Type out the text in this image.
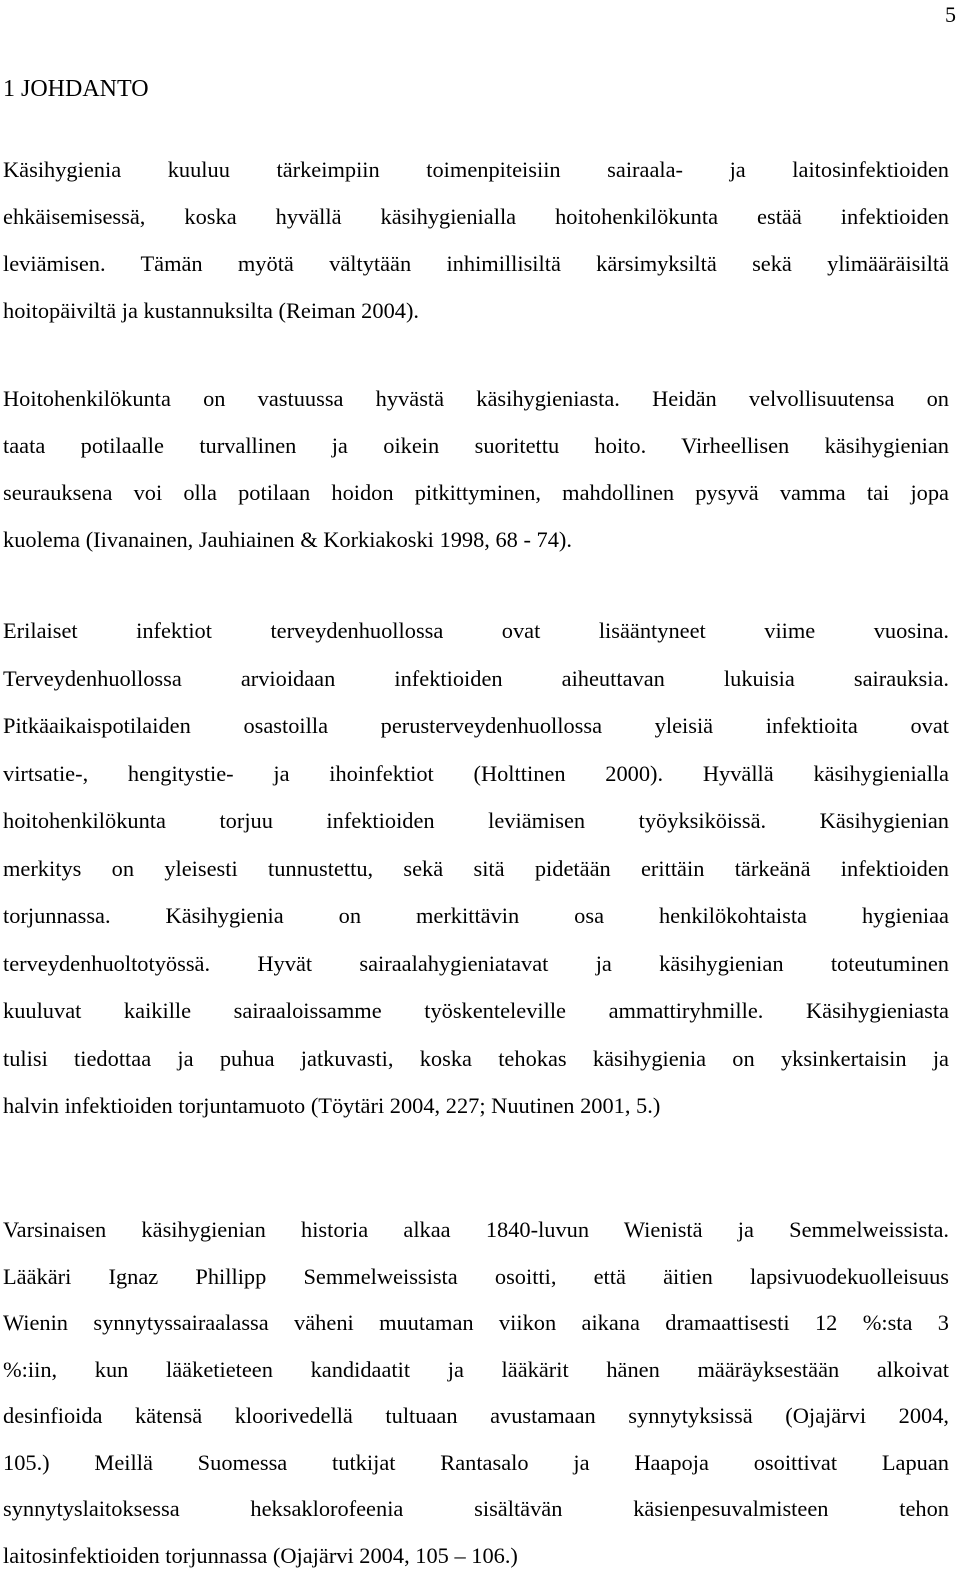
5
1 JOHDANTO

Käsihygienia kuuluu tärkeimpiin toimenpiteisiin sairaala- ja laitosinfektioiden
ehkäisemisessä, koska hyvällä käsihygienialla hoitohenkilökunta estää infektioiden
leviämisen. Tämän myötä vältytään inhimillisiltä kärsimyksiltä sekä ylimääräisiltä
hoitopäiviltä ja kustannuksilta (Reiman 2004).

Hoitohenkilökunta on vastuussa hyvästä käsihygieniasta. Heidän velvollisuutensa on
taata potilaalle turvallinen ja oikein suoritettu hoito. Virheellisen käsihygienian
seurauksena voi olla potilaan hoidon pitkittyminen, mahdollinen pysyvä vamma tai jopa
kuolema (Iivanainen, Jauhiainen & Korkiakoski 1998, 68 - 74).

Erilaiset infektiot terveydenhuollossa ovat lisääntyneet viime vuosina.
Terveydenhuollossa arvioidaan infektioiden aiheuttavan lukuisia sairauksia.
Pitkäaikaispotilaiden osastoilla perusterveydenhuollossa yleisiä infektioita ovat
virtsatie-, hengitystie- ja ihoinfektiot (Holttinen 2000). Hyvällä käsihygienialla
hoitohenkilökunta torjuu infektioiden leviämisen työyksiköissä. Käsihygienian
merkitys on yleisesti tunnustettu, sekä sitä pidetään erittäin tärkeänä infektioiden
torjunnassa. Käsihygienia on merkittävin osa henkilökohtaista hygieniaa
terveydenhuoltotyössä. Hyvät sairaalahygieniatavat ja käsihygienian toteutuminen
kuuluvat kaikille sairaaloissamme työskenteleville ammattiryhmille. Käsihygieniasta
tulisi tiedottaa ja puhua jatkuvasti, koska tehokas käsihygienia on yksinkertaisin ja
halvin infektioiden torjuntamuoto (Töytäri 2004, 227; Nuutinen 2001, 5.)

Varsinaisen käsihygienian historia alkaa 1840-luvun Wienistä ja Semmelweissista.
Lääkäri Ignaz Phillipp Semmelweissista osoitti, että äitien lapsivuodekuolleisuus
Wienin synnytyssairaalassa väheni muutaman viikon aikana dramaattisesti 12 %:sta 3
%:iin, kun lääketieteen kandidaatit ja lääkärit hänen määräyksestään alkoivat
desinfioida kätensä kloorivedellä tultuaan avustamaan synnytyksissä (Ojajärvi 2004,
105.) Meillä Suomessa tutkijat Rantasalo ja Haapoja osoittivat Lapuan
synnytyslaitoksessa heksaklorofeenia sisältävän käsienpesuvalmisteen tehon
laitosinfektioiden torjunnassa (Ojajärvi 2004, 105 – 106.)
